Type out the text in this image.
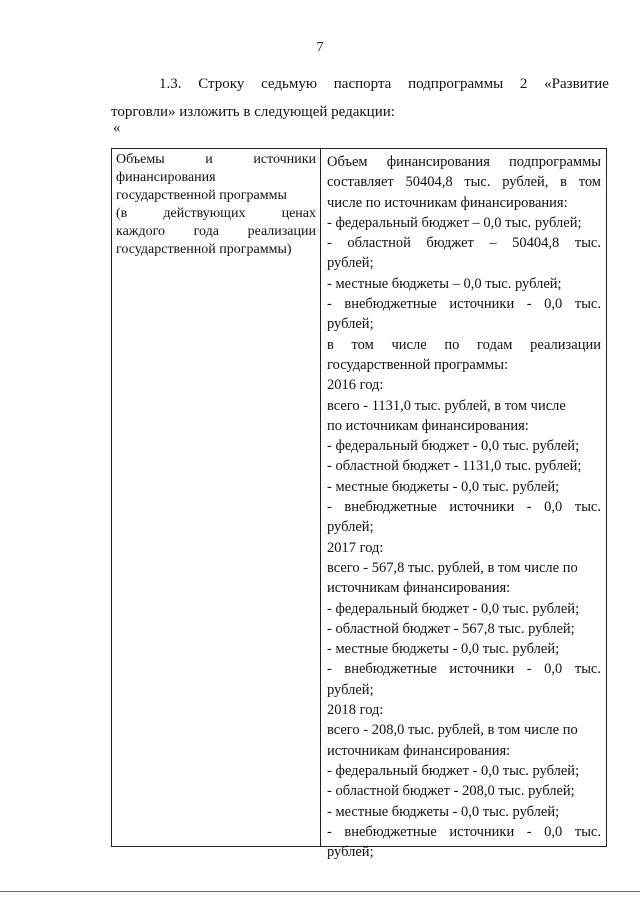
7
1.3. Строку седьмую паспорта подпрограммы 2 «Развитие
торговли» изложить в следующей редакции:
«
Объемы и источники
финансирования
государственной программы
(в действующих ценах
каждого года реализации
государственной программы)
Объем финансирования подпрограммы
составляет 50404,8 тыс. рублей, в том
числе по источникам финансирования:
- федеральный бюджет – 0,0 тыс. рублей;
- областной бюджет – 50404,8 тыс.
рублей;
- местные бюджеты – 0,0 тыс. рублей;
- внебюджетные источники - 0,0 тыс.
рублей;
в том числе по годам реализации
государственной программы:
2016 год:
всего - 1131,0 тыс. рублей, в том числе
по источникам финансирования:
- федеральный бюджет - 0,0 тыс. рублей;
- областной бюджет - 1131,0 тыс. рублей;
- местные бюджеты - 0,0 тыс. рублей;
- внебюджетные источники - 0,0 тыс.
рублей;
2017 год:
всего - 567,8 тыс. рублей, в том числе по
источникам финансирования:
- федеральный бюджет - 0,0 тыс. рублей;
- областной бюджет - 567,8 тыс. рублей;
- местные бюджеты - 0,0 тыс. рублей;
- внебюджетные источники - 0,0 тыс.
рублей;
2018 год:
всего - 208,0 тыс. рублей, в том числе по
источникам финансирования:
- федеральный бюджет - 0,0 тыс. рублей;
- областной бюджет - 208,0 тыс. рублей;
- местные бюджеты - 0,0 тыс. рублей;
- внебюджетные источники - 0,0 тыс.
рублей;
